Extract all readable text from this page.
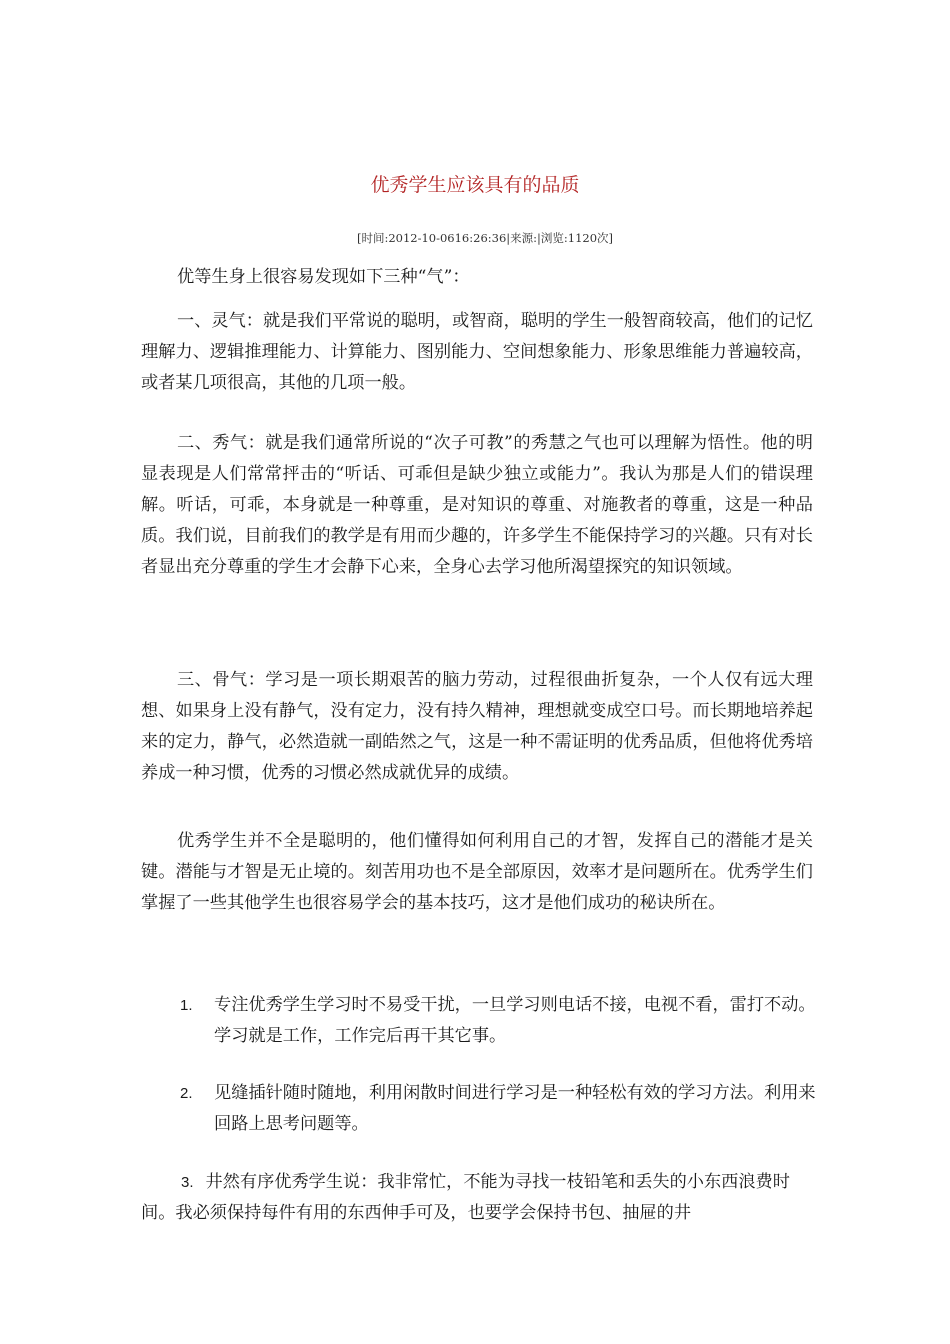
优秀学生应该具有的品质
[时间:2012-10-0616:26:36|来源:|浏览:1120次]

优等生身上很容易发现如下三种“气”：

一、灵气：就是我们平常说的聪明，或智商，聪明的学生一般智商较高，他们的记忆理解力、逻辑推理能力、计算能力、图别能力、空间想象能力、形象思维能力普遍较高，或者某几项很高，其他的几项一般。

二、秀气：就是我们通常所说的“次子可教”的秀慧之气也可以理解为悟性。他的明显表现是人们常常抨击的“听话、可乖但是缺少独立或能力”。我认为那是人们的错误理解。听话，可乖，本身就是一种尊重，是对知识的尊重、对施教者的尊重，这是一种品质。我们说，目前我们的教学是有用而少趣的，许多学生不能保持学习的兴趣。只有对长者显出充分尊重的学生才会静下心来，全身心去学习他所渴望探究的知识领域。

三、骨气：学习是一项长期艰苦的脑力劳动，过程很曲折复杂，一个人仅有远大理想、如果身上没有静气，没有定力，没有持久精神，理想就变成空口号。而长期地培养起来的定力，静气，必然造就一副皓然之气，这是一种不需证明的优秀品质，但他将优秀培养成一种习惯，优秀的习惯必然成就优异的成绩。

优秀学生并不全是聪明的，他们懂得如何利用自己的才智，发挥自己的潜能才是关键。潜能与才智是无止境的。刻苦用功也不是全部原因，效率才是问题所在。优秀学生们掌握了一些其他学生也很容易学会的基本技巧，这才是他们成功的秘诀所在。

1.	专注优秀学生学习时不易受干扰，一旦学习则电话不接，电视不看，雷打不动。学习就是工作，工作完后再干其它事。
2.	见缝插针随时随地，利用闲散时间进行学习是一种轻松有效的学习方法。利用来回路上思考问题等。

3. 井然有序优秀学生说：我非常忙，不能为寻找一枝铅笔和丢失的小东西浪费时间。我必须保持每件有用的东西伸手可及，也要学会保持书包、抽屉的井
